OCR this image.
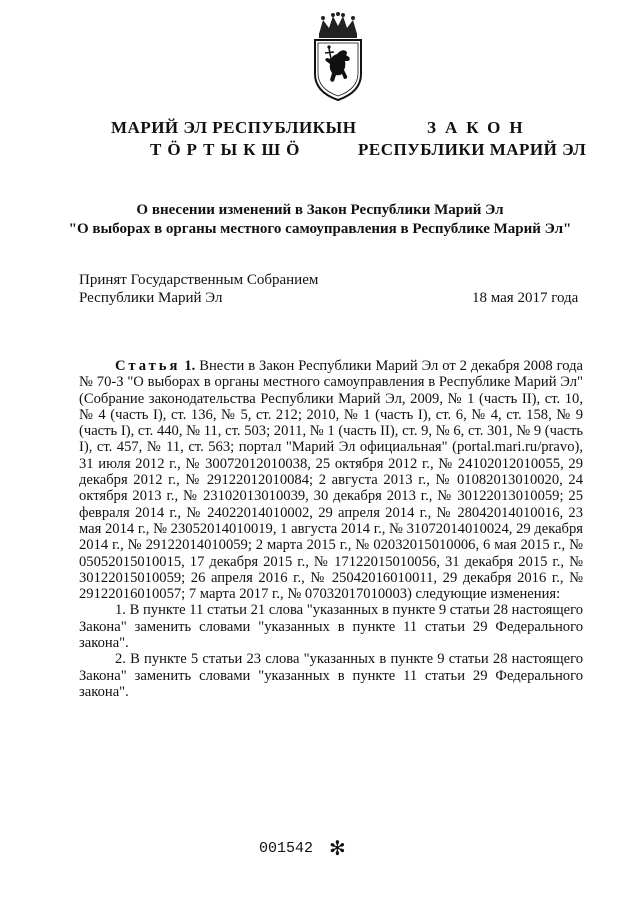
МАРИЙ ЭЛ РЕСПУБЛИКЫН
ТӦРТЫКШӦ
ЗАКОН
РЕСПУБЛИКИ МАРИЙ ЭЛ
О внесении изменений в Закон Республики Марий Эл
"О выборах в органы местного самоуправления в Республике Марий Эл"
Принят Государственным Собранием
Республики Марий Эл	18 мая 2017 года

Статья 1. Внести в Закон Республики Марий Эл от 2 декабря 2008 года № 70-З "О выборах в органы местного самоуправления в Республике Марий Эл" (Собрание законодательства Республики Марий Эл, 2009, № 1 (часть II), ст. 10, № 4 (часть I), ст. 136, № 5, ст. 212; 2010, № 1 (часть I), ст. 6, № 4, ст. 158, № 9 (часть I), ст. 440, № 11, ст. 503; 2011, № 1 (часть II), ст. 9, № 6, ст. 301, № 9 (часть I), ст. 457, № 11, ст. 563; портал "Марий Эл официальная" (portal.mari.ru/pravo), 31 июля 2012 г., № 30072012010038, 25 октября 2012 г., № 24102012010055, 29 декабря 2012 г., № 29122012010084; 2 августа 2013 г., № 01082013010020, 24 октября 2013 г., № 23102013010039, 30 декабря 2013 г., № 30122013010059; 25 февраля 2014 г., № 24022014010002, 29 апреля 2014 г., № 28042014010016, 23 мая 2014 г., № 23052014010019, 1 августа 2014 г., № 31072014010024, 29 декабря 2014 г., № 29122014010059; 2 марта 2015 г., № 02032015010006, 6 мая 2015 г., № 05052015010015, 17 декабря 2015 г., № 17122015010056, 31 декабря 2015 г., № 30122015010059; 26 апреля 2016 г., № 25042016010011, 29 декабря 2016 г., № 29122016010057; 7 марта 2017 г., № 07032017010003) следующие изменения:

1. В пункте 11 статьи 21 слова "указанных в пункте 9 статьи 28 настоящего Закона" заменить словами "указанных в пункте 11 статьи 29 Федерального закона".

2. В пункте 5 статьи 23 слова "указанных в пункте 9 статьи 28 настоящего Закона" заменить словами "указанных в пункте 11 статьи 29 Федерального закона".

001542 ✻
